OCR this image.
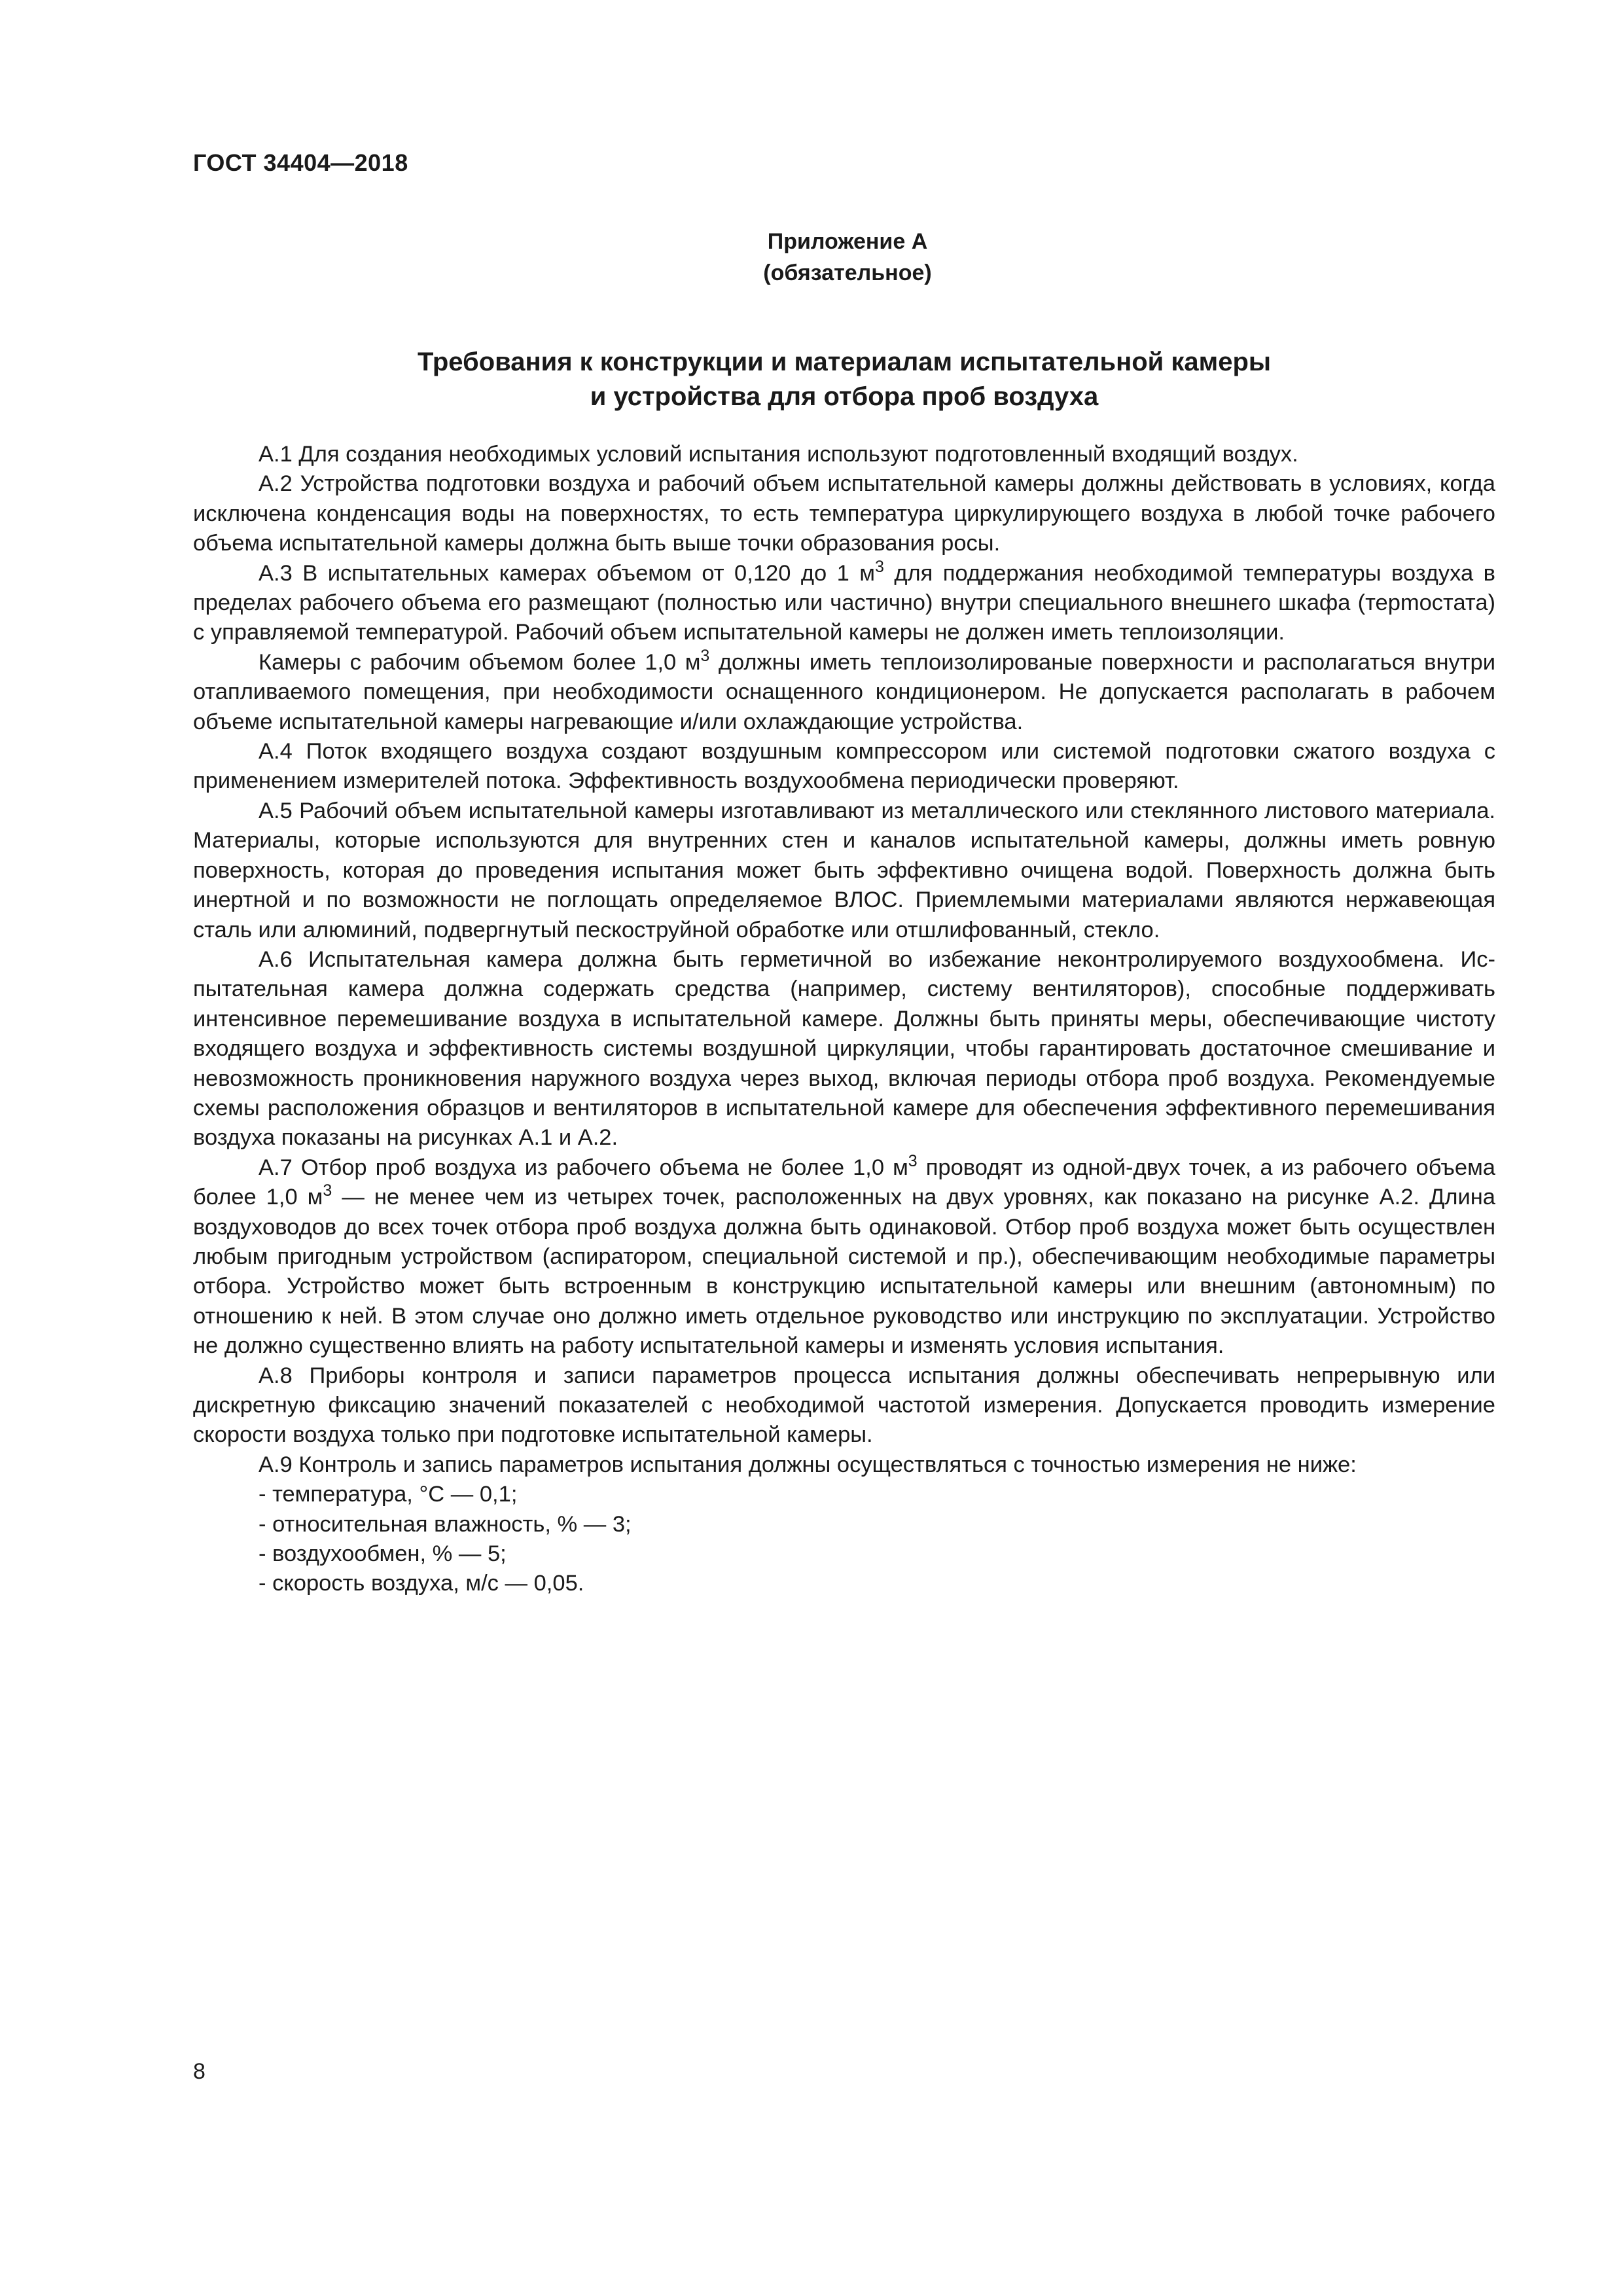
ГОСТ 34404—2018
Приложение А
(обязательное)
Требования к конструкции и материалам испытательной камеры
и устройства для отбора проб воздуха

А.1 Для создания необходимых условий испытания используют подготовленный входящий воздух.

А.2 Устройства подготовки воздуха и рабочий объем испытательной камеры должны действовать в условиях, когда исключена конденсация воды на поверхностях, то есть температура циркулирующего воздуха в любой точке рабочего объема испытательной камеры должна быть выше точки образования росы.

А.3 В испытательных камерах объемом от 0,120 до 1 $м^3$ для поддержания необходимой температуры воздуха в пределах рабочего объема его размещают (полностью или частично) внутри специального внешнего шкафа (терmостата) с управляемой температурой. Рабочий объем испытательной камеры не должен иметь теплоизоляции.

Камеры с рабочим объемом более 1,0 $м^3$ должны иметь теплоизолированые поверхности и располагаться внутри отапливаемого помещения, при необходимости оснащенного кондиционером. Не допускается располагать в рабочем объеме испытательной камеры нагревающие и/или охлаждающие устройства.

А.4 Поток входящего воздуха создают воздушным компрессором или системой подготовки сжатого воздуха с применением измерителей потока. Эффективность воздухообмена периодически проверяют.

А.5 Рабочий объем испытательной камеры изготавливают из металлического или стеклянного листового материала. Материалы, которые используются для внутренних стен и каналов испытательной камеры, должны иметь ровную поверхность, которая до проведения испытания может быть эффективно очищена водой. Поверхность должна быть инертной и по возможности не поглощать определяемое ВЛОС. Приемлемыми материалами являются нержавеющая сталь или алюминий, подвергнутый пескоструйной обработке или отшлифованный, стекло.

А.6 Испытательная камера должна быть герметичной во избежание неконтролируемого воздухообмена. Испытательная камера должна содержать средства (например, систему вентиляторов), способные поддерживать интенсивное перемешивание воздуха в испытательной камере. Должны быть приняты меры, обеспечивающие чистоту входящего воздуха и эффективность системы воздушной циркуляции, чтобы гарантировать достаточное смешивание и невозможность проникновения наружного воздуха через выход, включая периоды отбора проб воздуха. Рекомендуемые схемы расположения образцов и вентиляторов в испытательной камере для обеспечения эффективного перемешивания воздуха показаны на рисунках А.1 и А.2.

А.7 Отбор проб воздуха из рабочего объема не более 1,0 $м^3$ проводят из одной-двух точек, а из рабочего объема более 1,0 $м^3$ — не менее чем из четырех точек, расположенных на двух уровнях, как показано на рисунке А.2. Длина воздуховодов до всех точек отбора проб воздуха должна быть одинаковой. Отбор проб воздуха может быть осуществлен любым пригодным устройством (аспиратором, специальной системой и пр.), обеспечивающим необходимые параметры отбора. Устройство может быть встроенным в конструкцию испытательной камеры или внешним (автономным) по отношению к ней. В этом случае оно должно иметь отдельное руководство или инструкцию по эксплуатации. Устройство не должно существенно влиять на работу испытательной камеры и изменять условия испытания.

А.8 Приборы контроля и записи параметров процесса испытания должны обеспечивать непрерывную или дискретную фиксацию значений показателей с необходимой частотой измерения. Допускается проводить измерение скорости воздуха только при подготовке испытательной камеры.

А.9 Контроль и запись параметров испытания должны осуществляться с точностью измерения не ниже:

- температура, °С — 0,1;

- относительная влажность, % — 3;

- воздухообмен, % — 5;

- скорость воздуха, м/с — 0,05.

8
